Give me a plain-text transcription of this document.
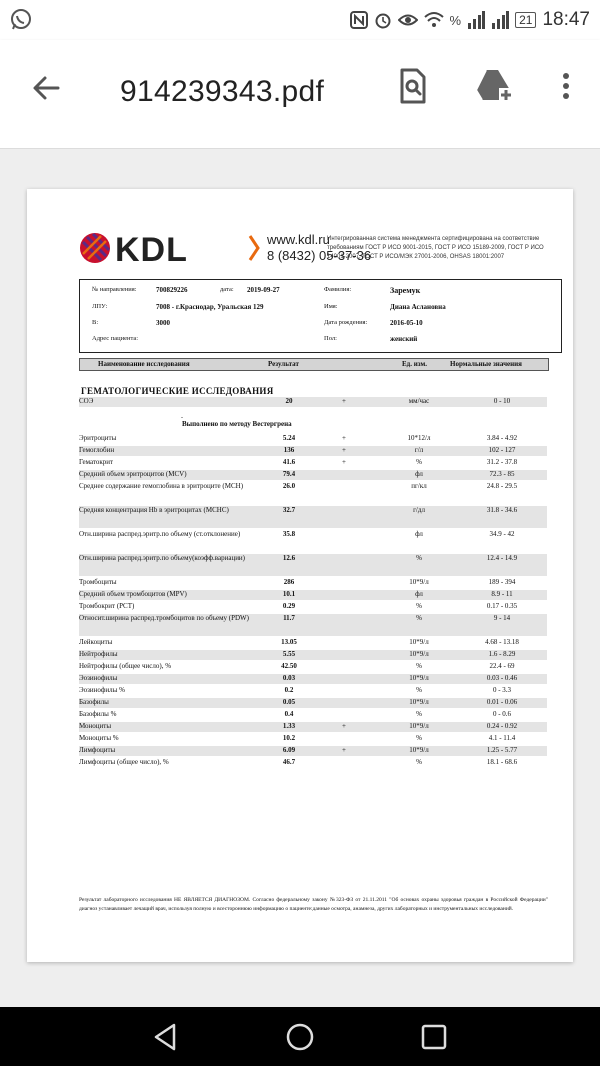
%	21 18:47
914239343.pdf
KDL	www.kdl.ru
8 (8432) 05-37-36
Интегрированная система менеджмента сертифицирована на соответствие требованиям ГОСТ Р ИСО 9001-2015, ГОСТ Р ИСО 15189-2009, ГОСТ Р ИСО 14001-2007, ГОСТ Р ИСО/МЭК 27001-2006, OHSAS 18001:2007
№ направления:	700829226	дата: 2019-09-27
ЛПУ:	7008 - г.Краснодар, Уральская 129
В:	3000
Адрес пациента:
Фамилия:	Заремук
Имя:	Диана Аслановна
Дата рождения:	2016-05-10
Пол:	женский
Наименование исследования	Результат	Ед. изм.	Нормальные значения
ГЕМАТОЛОГИЧЕСКИЕ ИССЛЕДОВАНИЯ
.
Выполнено по методу Вестергрена
СОЭ	20	+	мм/час	0 - 10
Эритроциты	5.24	+	10*12/л	3.84 - 4.92
Гемоглобин	136	+	г/л	102 - 127
Гематокрит	41.6	+	%	31.2 - 37.8
Средний объем эритроцитов (MCV)	79.4	фл	72.3 - 85
Среднее содержание гемоглобина в эритроците (MCH)	26.0	пг/кл	24.8 - 29.5
Средняя концентрация Hb в эритроцитах (MCHC)	32.7	г/дл	31.8 - 34.6
Отн.ширина распред.эритр.по объему (ст.отклонение)	35.8	фл	34.9 - 42
Отн.ширина распред.эритр.по объему(коэфф.вариации)	12.6	%	12.4 - 14.9
Тромбоциты	286	10*9/л	189 - 394
Средний объем тромбоцитов (MPV)	10.1	фл	8.9 - 11
Тромбокрит (PCT)	0.29	%	0.17 - 0.35
Относит.ширина распред.тромбоцитов по объему (PDW)	11.7	%	9 - 14
Лейкоциты	13.05	10*9/л	4.68 - 13.18
Нейтрофилы	5.55	10*9/л	1.6 - 8.29
Нейтрофилы (общее число), %	42.50	%	22.4 - 69
Эозинофилы	0.03	10*9/л	0.03 - 0.46
Эозинофилы %	0.2	%	0 - 3.3
Базофилы	0.05	10*9/л	0.01 - 0.06
Базофилы %	0.4	%	0 - 0.6
Моноциты	1.33	+	10*9/л	0.24 - 0.92
Моноциты %	10.2	%	4.1 - 11.4
Лимфоциты	6.09	+	10*9/л	1.25 - 5.77
Лимфоциты (общее число), %	46.7	%	18.1 - 68.6
Результат лабораторного исследования НЕ ЯВЛЯЕТСЯ ДИАГНОЗОМ. Согласно федеральному закону №323-ФЗ от 21.11.2011 "Об основах охраны здоровья граждан в Российской Федерации" диагноз устанавливает лечащий врач, используя полную и всестороннюю информацию о пациенте:данные осмотра, анамнеза, других лабораторных и инструментальных исследований.
